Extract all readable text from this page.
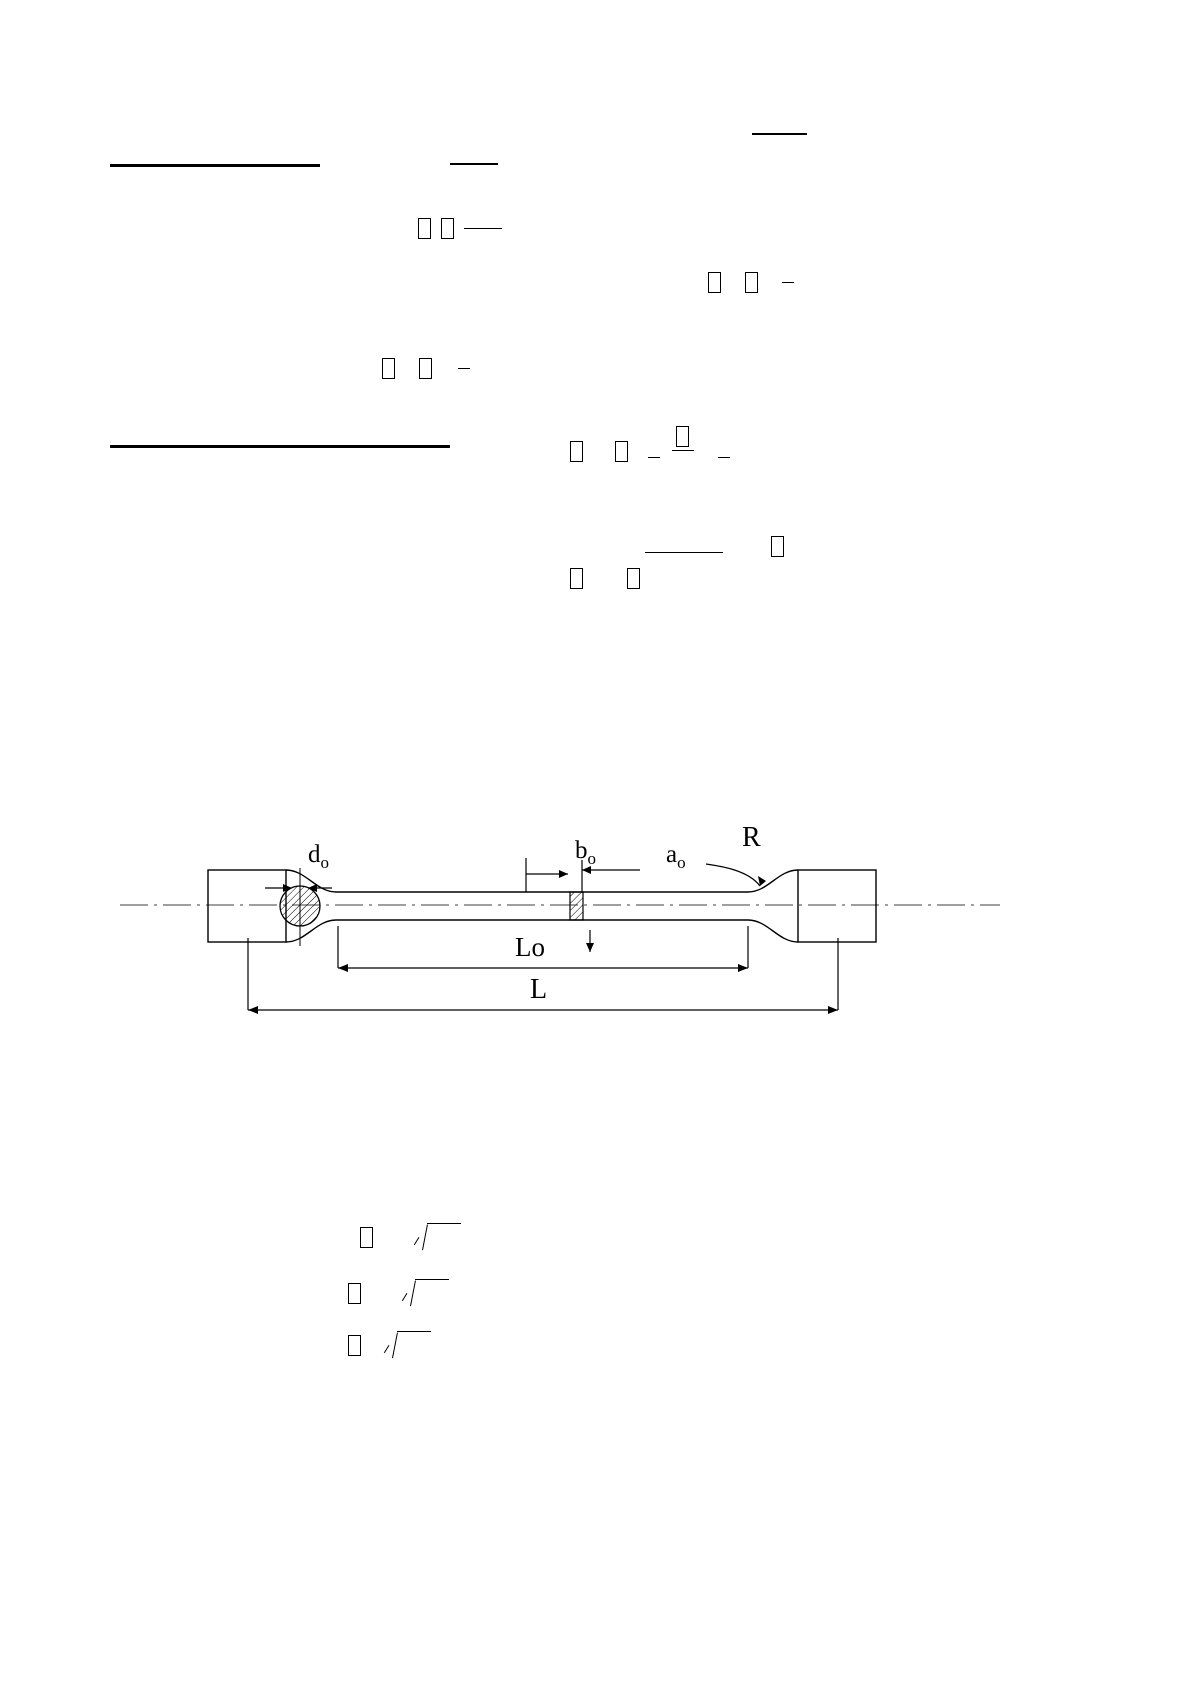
$d_o$	$b_o$	$a_o$
R
Lo
L
